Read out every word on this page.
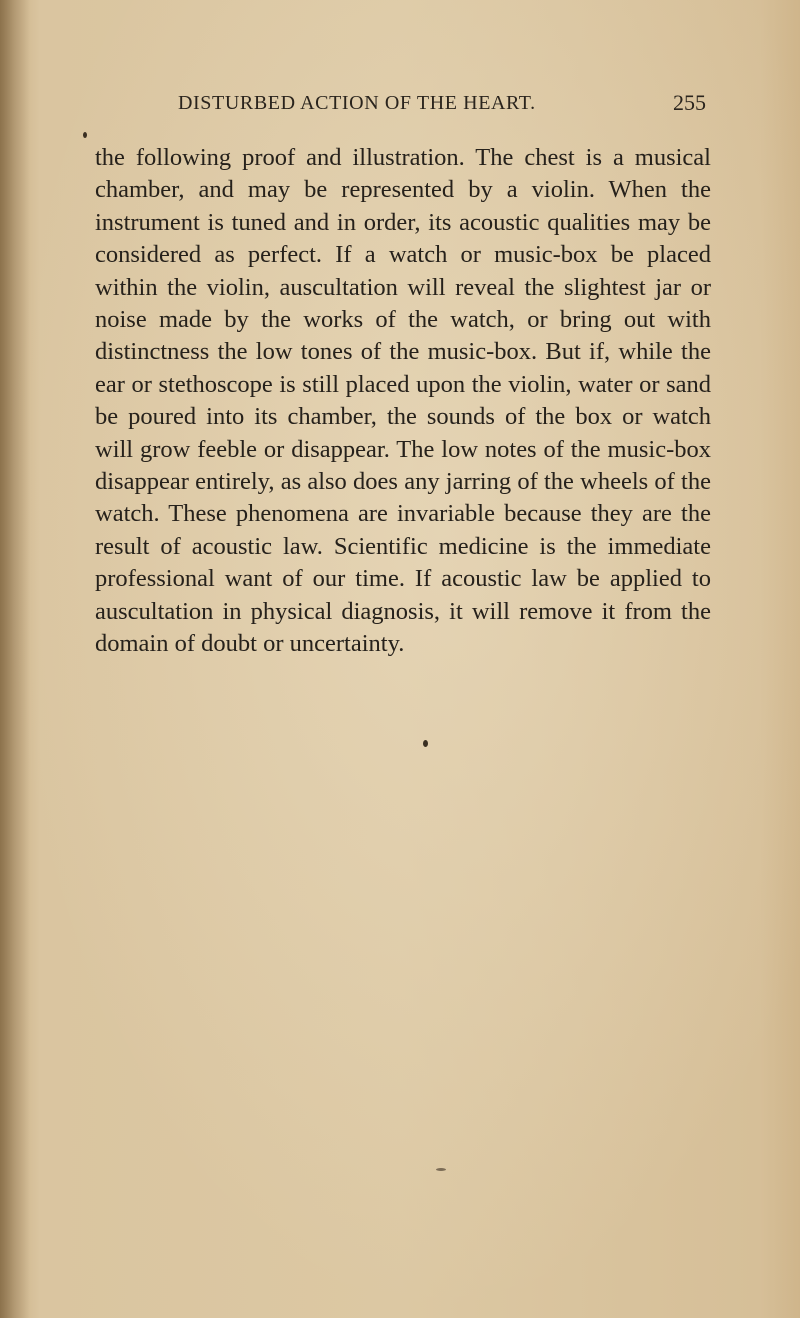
DISTURBED ACTION OF THE HEART.	255

the following proof and illustration. The chest is a musical chamber, and may be represented by a violin. When the instrument is tuned and in order, its acoustic qualities may be considered as perfect. If a watch or music-box be placed within the violin, auscultation will reveal the slightest jar or noise made by the works of the watch, or bring out with distinctness the low tones of the music-box. But if, while the ear or stethoscope is still placed upon the violin, water or sand be poured into its chamber, the sounds of the box or watch will grow feeble or disappear. The low notes of the music-box disappear entirely, as also does any jarring of the wheels of the watch. These phenomena are invariable because they are the result of acoustic law. Scientific medicine is the immediate professional want of our time. If acoustic law be applied to auscultation in physical diagnosis, it will remove it from the domain of doubt or uncertainty.
